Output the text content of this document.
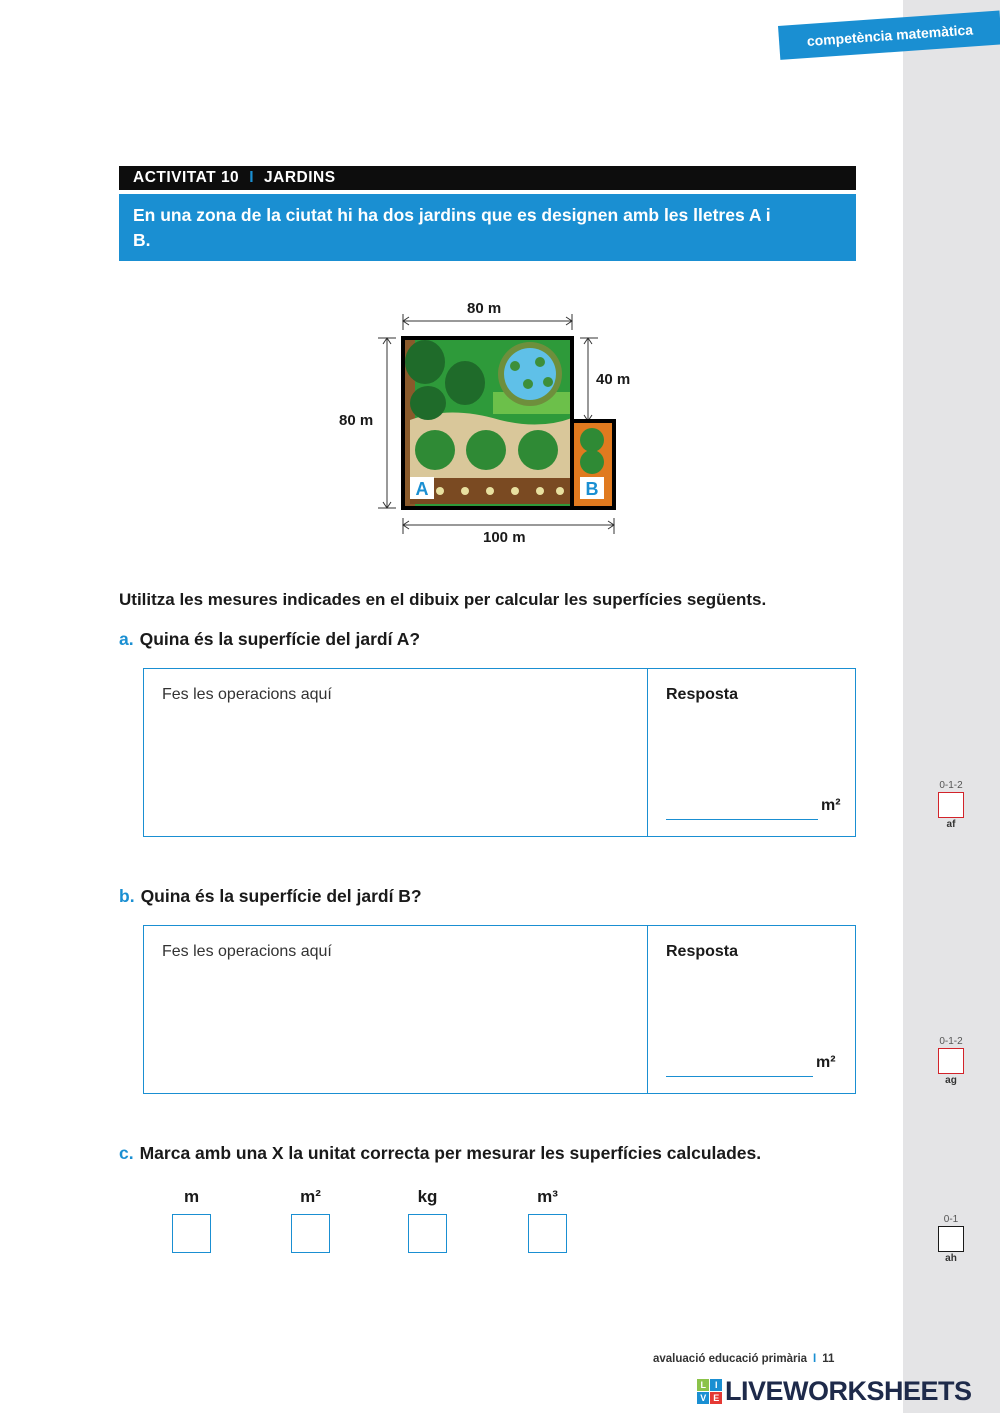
competència matemàtica
ACTIVITAT 10 I JARDINS
En una zona de la ciutat hi ha dos jardins que es designen amb les lletres A i B.
A	B
80 m
80 m
40 m
100 m
Utilitza les mesures indicades en el dibuix per calcular les superfícies següents.
a. Quina és la superfície del jardí A?
Fes les operacions aquí	Resposta
m²
b. Quina és la superfície del jardí B?
Fes les operacions aquí	Resposta
m²
c. Marca amb una X la unitat correcta per mesurar les superfícies calculades.
m	m²	kg	m³
0-1-2
af
0-1-2
ag
0-1
ah
avaluació educació primària I 11
L	I
V E LIVEWORKSHEETS
